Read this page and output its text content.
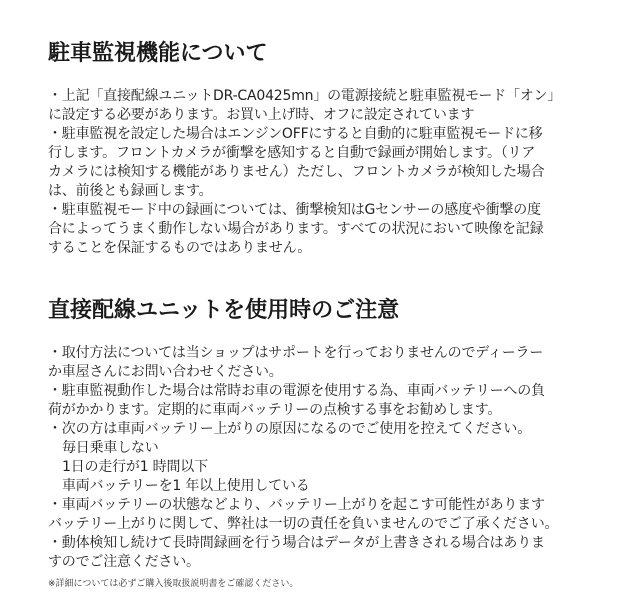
駐車監視機能について
・上記「直接配線ユニットDR-CA0425mn」の電源接続と駐車監視モード「オン」
に設定する必要があります。お買い上げ時、オフに設定されています
・駐車監視を設定した場合はエンジンOFFにすると自動的に駐車監視モードに移
行します。フロントカメラが衝撃を感知すると自動で録画が開始します。（リア
カメラには検知する機能がありません）ただし、フロントカメラが検知した場合
は、前後とも録画します。
・駐車監視モード中の録画については、衝撃検知はGセンサーの感度や衝撃の度
合によってうまく動作しない場合があります。すべての状況において映像を記録
することを保証するものではありません。
直接配線ユニットを使用時のご注意
・取付方法については当ショップはサポートを行っておりませんのでディーラー
か車屋さんにお問い合わせください。
・駐車監視動作した場合は常時お車の電源を使用する為、車両バッテリーへの負
荷がかかります。定期的に車両バッテリーの点検する事をお勧めします。
・次の方は車両バッテリー上がりの原因になるのでご使用を控えてください。
毎日乗車しない
1日の走行が1 時間以下
車両バッテリーを1 年以上使用している
・車両バッテリーの状態などより、バッテリー上がりを起こす可能性があります
バッテリー上がりに関して、弊社は一切の責任を負いませんのでご了承ください。
・動体検知し続けて長時間録画を行う場合はデータが上書きされる場合はありま
すのでご注意ください。
※詳細については必ずご購入後取扱説明書をご確認ください。
